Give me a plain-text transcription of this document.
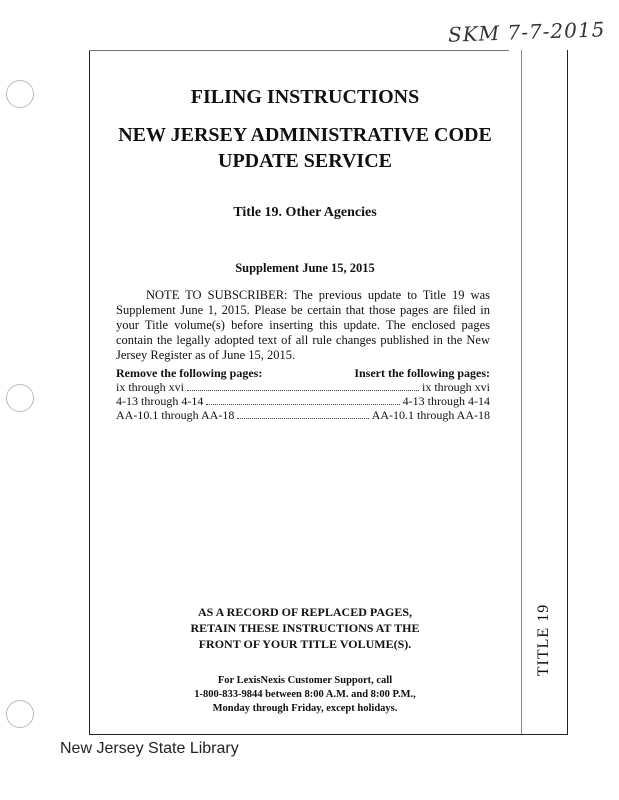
SKM 7-7-2015
TITLE 19
FILING INSTRUCTIONS
NEW JERSEY ADMINISTRATIVE CODE
UPDATE SERVICE
Title 19. Other Agencies
Supplement June 15, 2015
NOTE TO SUBSCRIBER: The previous update to Title 19 was Supplement June 1, 2015. Please be certain that those pages are filed in your Title volume(s) before inserting this update. The enclosed pages contain the legally adopted text of all rule changes published in the New Jersey Register as of June 15, 2015.
Remove the following pages:	Insert the following pages:
ix through xvi	ix through xvi
4-13 through 4-14	4-13 through 4-14
AA-10.1 through AA-18	AA-10.1 through AA-18
AS A RECORD OF REPLACED PAGES,
RETAIN THESE INSTRUCTIONS AT THE
FRONT OF YOUR TITLE VOLUME(S).
For LexisNexis Customer Support, call
1-800-833-9844 between 8:00 A.M. and 8:00 P.M.,
Monday through Friday, except holidays.
New Jersey State Library
